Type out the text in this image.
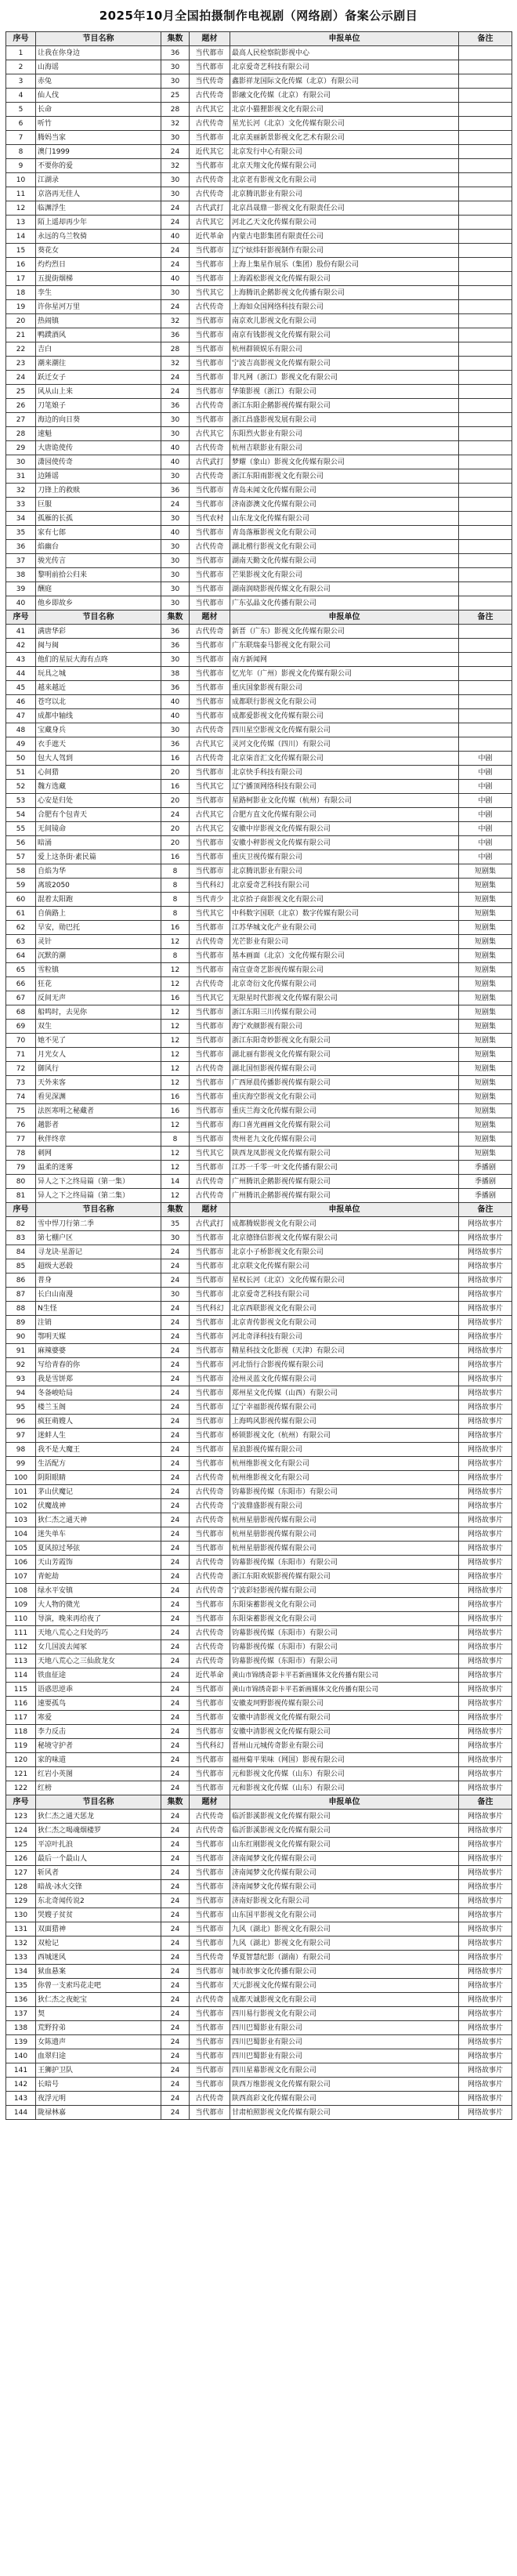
2025年10月全国拍摄制作电视剧（网络剧）备案公示剧目
序号	节目名称	集数	题材	申报单位	备注
1	让我在你身边	36	当代都市	最高人民检察院影视中心	
2	山海谣	30	当代都市	北京爱奇艺科技有限公司	
3	赤兔	30	当代传奇	鑫影祥龙国际文化传媒（北京）有限公司	
4	仙人伐	25	古代传奇	影融文化传媒（北京）有限公司	
5	长命	28	古代其它	北京小猫狸影视文化有限公司	
6	听竹	32	古代传奇	星光长河（北京）文化传媒有限公司	
7	腾妈当家	30	当代都市	北京美丽新景影视文化艺术有限公司	
8	澳门1999	24	近代其它	北京发行中心有限公司	
9	不要你的爱	32	当代都市	北京天翔文化传媒有限公司	
10	江湖录	30	古代传奇	北京老有影视文化有限公司	
11	京洛再无佳人	30	古代传奇	北京腾讯影业有限公司	
12	临渊浮生	24	古代武打	北京昌晟鼎一影视文化有限责任公司	
13	陌上遥却再少年	24	古代其它	河北乙天文化传媒有限公司	
14	永远的乌兰牧骑	40	近代革命	内蒙古电影集团有限责任公司	
15	葵花女	24	当代都市	辽宁炫炜轩影视制作有限公司	
16	灼灼烈日	24	当代都市	上海上集星作展乐（集团）股份有限公司	
17	五提街烟梯	40	当代都市	上海霞松影视文化传媒有限公司	
18	孪生	30	当代其它	上海腾讯企鹅影视文化传播有限公司	
19	许你星河万里	24	古代传奇	上海如众国网络科技有限公司	
20	热闹镇	32	当代都市	南京欢儿影视文化有限公司	
21	鸭蹼酒风	36	当代都市	南京有钱影视文化传媒有限公司	
22	吉白	28	当代都市	杭州群锁娱乐有限公司	
23	潮来潮往	32	当代都市	宁波吉高影视文化传媒有限公司	
24	跃迁女子	24	当代都市	非凡网（浙江）影视文化有限公司	
25	风从山上来	24	当代都市	华策影视（浙江）有限公司	
26	刀笔娘子	36	古代传奇	浙江东阳企鹅影视传媒有限公司	
27	海边的向日葵	30	当代都市	浙江昌盛影视发展有限公司	
28	速魁	30	古代其它	东阳烈火影业有限公司	
29	大唐诡使传	40	古代传奇	杭州吉联影业有限公司	
30	潇园使传奇	40	古代武打	梦耀（象山）影视文化传媒有限公司	
31	边陲谣	30	古代传奇	浙江东阳雨影视文化有限公司	
32	刀锋上的救赎	36	当代都市	青岛未闻文化传媒有限公司	
33	巨服	24	当代都市	济南澎澳文化传媒有限公司	
34	孤雁的长孤	30	当代农村	山东龙文化传媒有限公司	
35	家有七郎	40	当代都市	青岛落雁影视文化有限公司	
36	焰幽台	30	古代传奇	湖北楷行影视文化有限公司	
37	骏光传言	30	当代都市	湖南天勤文化传媒有限公司	
38	黎明前拾公归来	30	当代都市	芒果影视文化有限公司	
39	酬庭	30	当代都市	湖南润晓影视传媒文化有限公司	
40	他乡即故乡	30	当代都市	广东弘晶文化传播有限公司	
序号	节目名称	集数	题材	申报单位	备注
41	满唐华彩	36	古代传奇	新晋（广东）影视文化传媒有限公司	
42	闽与闽	36	当代都市	广东联瑞泰马影视文化有限公司	
43	他们的星辰大海有点咚	30	当代都市	南方新闻网	
44	玩具之城	38	当代都市	忆光年（广州）影视文化传媒有限公司	
45	越来越近	36	当代都市	重庆国象影视有限公司	
46	苍穹以北	40	当代都市	成都联行影视文化有限公司	
47	成都中轴线	40	当代都市	成都爱影视文化传媒有限公司	
48	宝藏身兵	30	古代传奇	四川星空影视文化传媒有限公司	
49	衣手遮天	36	古代其它	灵河文化传媒（四川）有限公司	
50	包大人驾到	16	古代传奇	北京柒音汇文化传媒有限公司	中剧
51	心间猎	20	当代都市	北京快手科技有限公司	中剧
52	魏方选藏	16	当代其它	辽宁播顶网络科技有限公司	中剧
53	心安是归处	20	当代都市	星路柯影业文化传媒（杭州）有限公司	中剧
54	合肥有个包青天	24	古代其它	合肥方直文化传媒有限公司	中剧
55	无间镜命	20	古代其它	安徽中岸影视文化传媒有限公司	中剧
56	暗涌	20	当代都市	安徽小秤影视文化传媒有限公司	中剧
57	爱上这条街·素民篇	16	当代都市	重庆卫视传媒有限公司	中剧
58	自焰为华	8	当代都市	北京腾讯影业有限公司	短剧集
59	离玻2050	8	当代科幻	北京爱奇艺科技有限公司	短剧集
60	混着太阳跑	8	当代青少	北京拾子商影视文化有限公司	短剧集
61	自倘路上	8	当代其它	中科数字国联（北京）数字传媒有限公司	短剧集
62	早安，勋巴托	16	当代都市	江苏华城文化产业有限公司	短剧集
63	灵针	12	古代传奇	光芒影业有限公司	短剧集
64	沉默的潮	8	当代都市	基本画面（北京）文化传媒有限公司	短剧集
65	雪粒镇	12	当代都市	南宣壹奇艺影视传媒有限公司	短剧集
66	狂花	12	古代传奇	北京奇衍文化传媒有限公司	短剧集
67	反间无声	16	当代其它	无限星时代影视文化传媒有限公司	短剧集
68	船鸣时，去见你	12	当代都市	浙江东阳三川传媒有限公司	短剧集
69	双生	12	当代都市	海宁欢颜影视有限公司	短剧集
70	她不见了	12	当代都市	浙江东阳奇妙影视文化有限公司	短剧集
71	月光女人	12	当代都市	湖北丽有影视文化传媒有限公司	短剧集
72	御风行	12	古代传奇	湖北国恒影视传媒有限公司	短剧集
73	天外来客	12	当代都市	广西犀晨传播影视传媒有限公司	短剧集
74	看见深渊	16	当代都市	重庆海空影视文化有限公司	短剧集
75	法医寒明之秘藏者	16	当代都市	重庆兰海文化传媒有限公司	短剧集
76	趟影者	12	当代都市	海口喜光画画文化传媒有限公司	短剧集
77	秋伴终章	8	当代都市	贵州老九文化传媒有限公司	短剧集
78	刺网	12	当代其它	陕西龙凤影视文化传媒有限公司	短剧集
79	温柔的迷雾	12	当代都市	江苏一千零一叶文化传播有限公司	季播剧
80	异人之下之终局篇（第一集）	14	古代传奇	广州腾讯企鹅影视传媒有限公司	季播剧
81	异人之下之终局篇（第二集）	12	古代传奇	广州腾讯企鹅影视传媒有限公司	季播剧
序号	节目名称	集数	题材	申报单位	备注
82	雪中悍刀行第二季	35	古代武打	成都腾娱影视文化有限公司	网络故事片
83	第七棚户区	30	当代都市	北京德锋信影视文化传媒有限公司	网络故事片
84	寻龙诀·星游记	24	当代都市	北京小子桥影视文化有限公司	网络故事片
85	超级大恶毂	24	当代都市	北京联文化传媒有限公司	网络故事片
86	普身	24	当代都市	星权长河（北京）文化传媒有限公司	网络故事片
87	长白山南漫	30	当代都市	北京爱奇艺科技有限公司	网络故事片
88	N生怪	24	当代科幻	北京西联影视文化有限公司	网络故事片
89	注销	24	当代都市	北京青传影视文化有限公司	网络故事片
90	鄂明天媒	24	当代都市	河北奇泽科技有限公司	网络故事片
91	麻辣婆婆	24	当代都市	精星科技文化影视（天津）有限公司	网络故事片
92	写给青春的你	24	当代都市	河北悟行合影视传媒有限公司	网络故事片
93	我是雪饼郑	24	当代都市	沧州灵蓝文化传媒有限公司	网络故事片
94	冬备峻哈局	24	当代都市	郑州星文化传媒（山西）有限公司	网络故事片
95	楼兰玉阁	24	当代都市	辽宁幸福影视传媒有限公司	网络故事片
96	疯狂萌嫂人	24	当代都市	上海鸣风影视传媒有限公司	网络故事片
97	迷蚌人生	24	当代都市	桥锁影视文化（杭州）有限公司	网络故事片
98	我不是大魔王	24	当代都市	星浪影视传媒有限公司	网络故事片
99	生活配方	24	当代都市	杭州维影视文化有限公司	网络故事片
100	阴阳眼睛	24	古代传奇	杭州维影视文化有限公司	网络故事片
101	茅山伏魔记	24	古代传奇	钧幕影视传媒（东阳市）有限公司	网络故事片
102	伏魔战神	24	古代传奇	宁波鼎盛影视有限公司	网络故事片
103	狄仁杰之通天神	24	古代传奇	杭州星册影视传媒有限公司	网络故事片
104	迷失单车	24	当代都市	杭州星册影视传媒有限公司	网络故事片
105	夏风掠过琴弦	24	当代都市	杭州星册影视传媒有限公司	网络故事片
106	天山芳霞饰	24	古代传奇	钧幕影视传媒（东阳市）有限公司	网络故事片
107	青蛇劫	24	古代传奇	浙江东阳欢娱影视传媒有限公司	网络故事片
108	绿水平安镇	24	古代传奇	宁波彩轻影视传媒有限公司	网络故事片
109	大人物的微光	24	当代都市	东阳柒蓄影视文化有限公司	网络故事片
110	导演，晚来再给夜了	24	当代都市	东阳柒蓄影视文化有限公司	网络故事片
111	天地八荒心之归处的巧	24	古代传奇	钧幕影视传媒（东阳市）有限公司	网络故事片
112	女几国波去闻冢	24	古代传奇	钧幕影视传媒（东阳市）有限公司	网络故事片
113	天地八荒心之三仙敌龙女	24	古代传奇	钧幕影视传媒（东阳市）有限公司	网络故事片
114	铁血征途	24	近代革命	黄山市锦绣奇影卡平若新画媒体文化传播有限公司	网络故事片
115	语惑思逆乖	24	当代都市	黄山市锦绣奇影卡平若新画媒体文化传播有限公司	网络故事片
116	速要孤鸟	24	当代都市	安徽麦珂野影视传媒有限公司	网络故事片
117	寒爱	24	当代都市	安徽中清影视文化传媒有限公司	网络故事片
118	李力反击	24	当代都市	安徽中清影视文化传媒有限公司	网络故事片
119	秘境守护者	24	当代科幻	晋州山元城传奇影业有限公司	网络故事片
120	家的味道	24	当代都市	福州菊平果味（网国）影视有限公司	网络故事片
121	红岩小英图	24	当代都市	元和影视文化传媒（山东）有限公司	网络故事片
122	红榜	24	当代都市	元和影视文化传媒（山东）有限公司	网络故事片
序号	节目名称	集数	题材	申报单位	备注
123	狄仁杰之通天惩龙	24	古代传奇	临沂影溪影视文化传媒有限公司	网络故事片
124	狄仁杰之喝魂烟楼罗	24	古代传奇	临沂影溪影视文化传媒有限公司	网络故事片
125	平凉叶扎浪	24	当代都市	山东红刚影视文化传媒有限公司	网络故事片
126	最后一个最山人	24	当代都市	济南闻梦文化传媒有限公司	网络故事片
127	斩风者	24	当代都市	济南闻梦文化传媒有限公司	网络故事片
128	暗战·冰火交锋	24	当代都市	济南闻梦文化传媒有限公司	网络故事片
129	东北奇闻传说2	24	当代都市	济南好影视文化有限公司	网络故事片
130	哭嫂子贫贫	24	当代都市	山东国平影视文化有限公司	网络故事片
131	双面猎神	24	当代都市	九风（湖北）影视文化有限公司	网络故事片
132	双枪记	24	当代都市	九风（湖北）影视文化有限公司	网络故事片
133	西城迷风	24	当代传奇	华夏智慧纪影（湖南）有限公司	网络故事片
134	狱血悬案	24	当代都市	城市故事文化传播有限公司	网络故事片
135	你曾一支索玛花走吧	24	当代都市	天元影视文化传媒有限公司	网络故事片
136	狄仁杰之夜蛇宝	24	古代传奇	成都天诚影视文化有限公司	网络故事片
137	契	24	当代都市	四川易行影视文化有限公司	网络故事片
138	荒野狩弟	24	当代都市	四川巴蜀影业有限公司	网络故事片
139	女陈遗声	24	当代都市	四川巴蜀影业有限公司	网络故事片
140	血翠归途	24	当代都市	四川巴蜀影业有限公司	网络故事片
141	王狮护卫队	24	当代都市	四川星幕影视文化有限公司	网络故事片
142	长暗号	24	当代都市	陕西万维影视文化传媒有限公司	网络故事片
143	夜浮元明	24	古代传奇	陕西高彩文化传媒有限公司	网络故事片
144	陇禄林嘉	24	当代都市	甘肃柏照影视文化传媒有限公司	网络故事片
